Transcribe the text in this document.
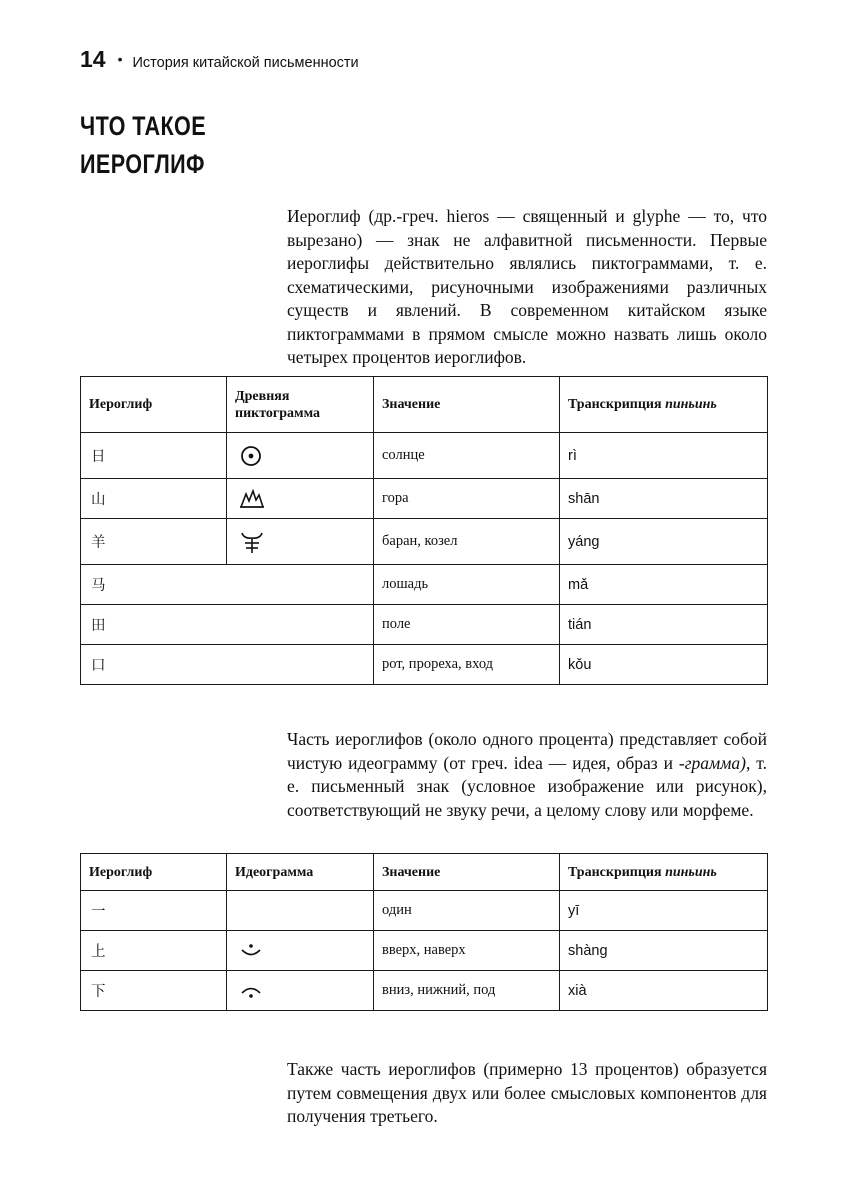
14 • История китайской письменности
ЧТО ТАКОЕ
ИЕРОГЛИФ

Иероглиф (др.-греч. hieros — священный и glyphe — то, что вырезано) — знак не алфавитной письменности. Первые иероглифы действительно являлись пиктограммами, т. е. схематическими, рисуночными изображениями различных существ и явлений. В современном китайском языке пиктограммами в прямом смысле можно назвать лишь около четырех процентов иероглифов.

Иероглиф	Древняя пиктограмма	Значение	Транскрипция пиньинь
日		солнце	rì
山		гора	shān
羊		баран, козел	yáng
马		лошадь	mǎ
田		поле	tián
口		рот, прореха, вход	kǒu

Часть иероглифов (около одного процента) представляет собой чистую идеограмму (от греч. idea — идея, образ и -грамма), т. е. письменный знак (условное изображение или рисунок), соответствующий не звуку речи, а целому слову или морфеме.

Иероглиф	Идеограмма	Значение	Транскрипция пиньинь
一		один	yī
上		вверх, наверх	shàng
下		вниз, нижний, под	xià

Также часть иероглифов (примерно 13 процентов) образуется путем совмещения двух или более смысловых компонентов для получения третьего.
